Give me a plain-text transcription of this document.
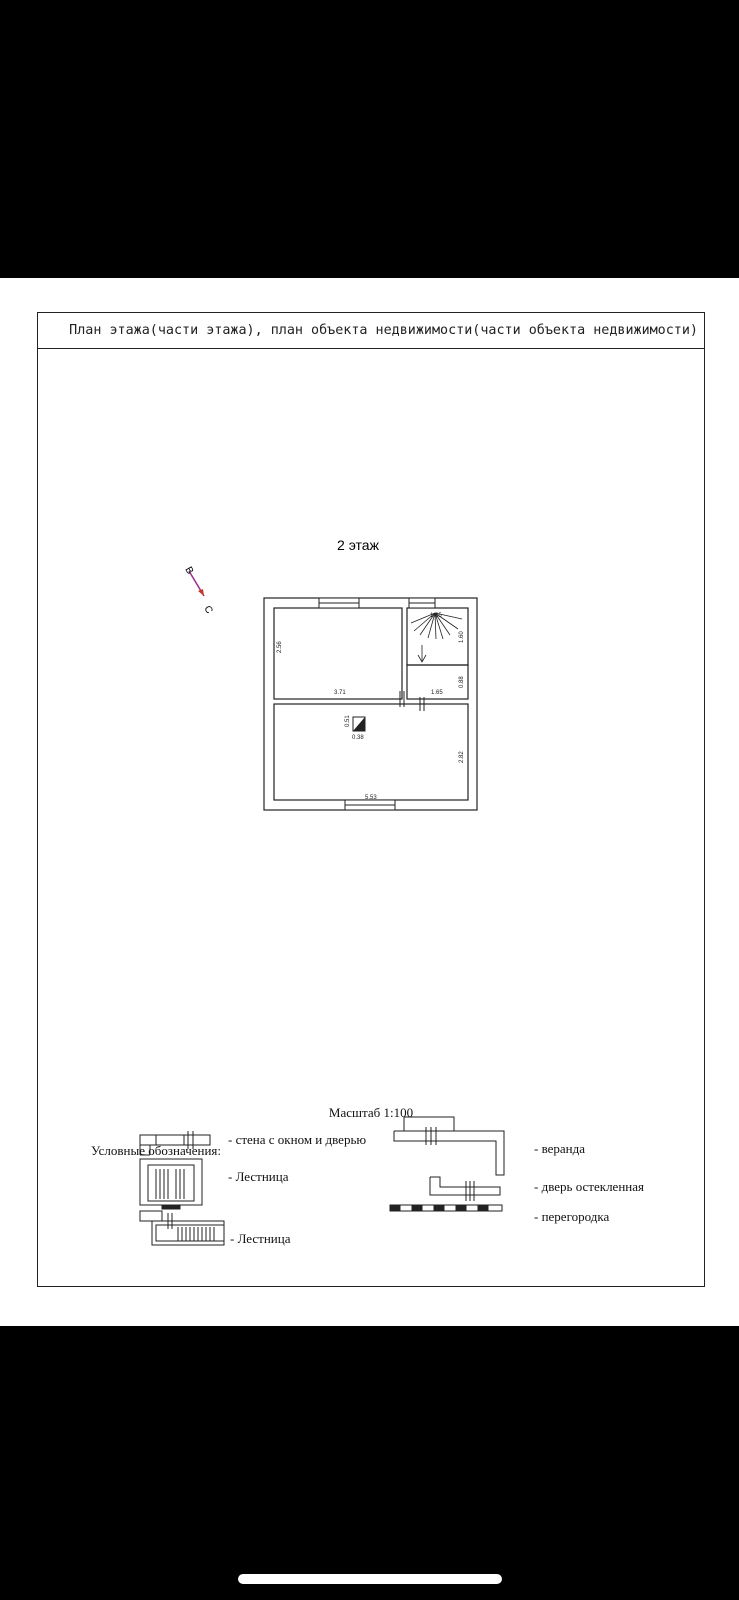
План этажа(части этажа), план объекта недвижимости(части объекта недвижимости)
В
С
2 этаж
2.56
3.71
1.65
1.60
1.65
0.88
2.82
5.53
0.51
0.38
Масштаб 1:100
Условные обозначения:
- стена с окном и дверью
- Лестница
- Лестница
- веранда
- дверь остекленная
- перегородка
